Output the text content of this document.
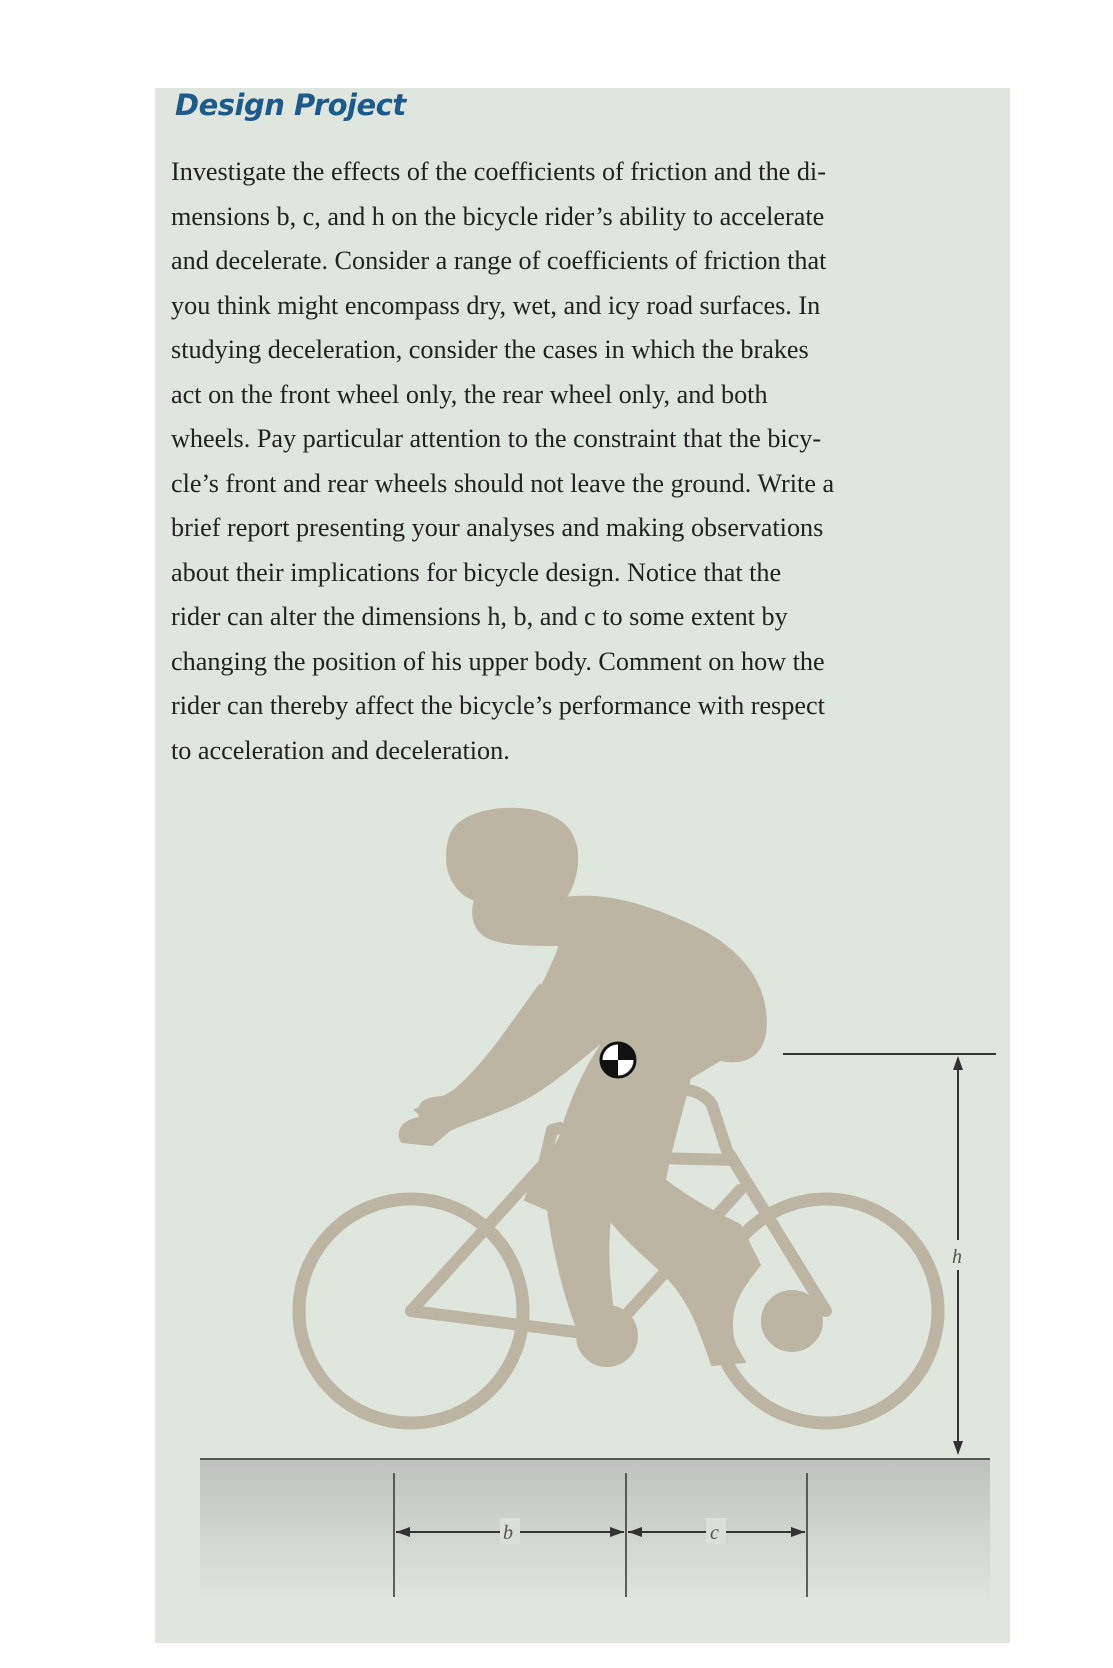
Design Project

Investigate the effects of the coefficients of friction and the di-
mensions b, c, and h on the bicycle rider’s ability to accelerate
and decelerate. Consider a range of coefficients of friction that
you think might encompass dry, wet, and icy road surfaces. In
studying deceleration, consider the cases in which the brakes
act on the front wheel only, the rear wheel only, and both
wheels. Pay particular attention to the constraint that the bicy-
cle’s front and rear wheels should not leave the ground. Write a
brief report presenting your analyses and making observations
about their implications for bicycle design. Notice that the
rider can alter the dimensions h, b, and c to some extent by
changing the position of his upper body. Comment on how the
rider can thereby affect the bicycle’s performance with respect
to acceleration and deceleration.

h
b	c
